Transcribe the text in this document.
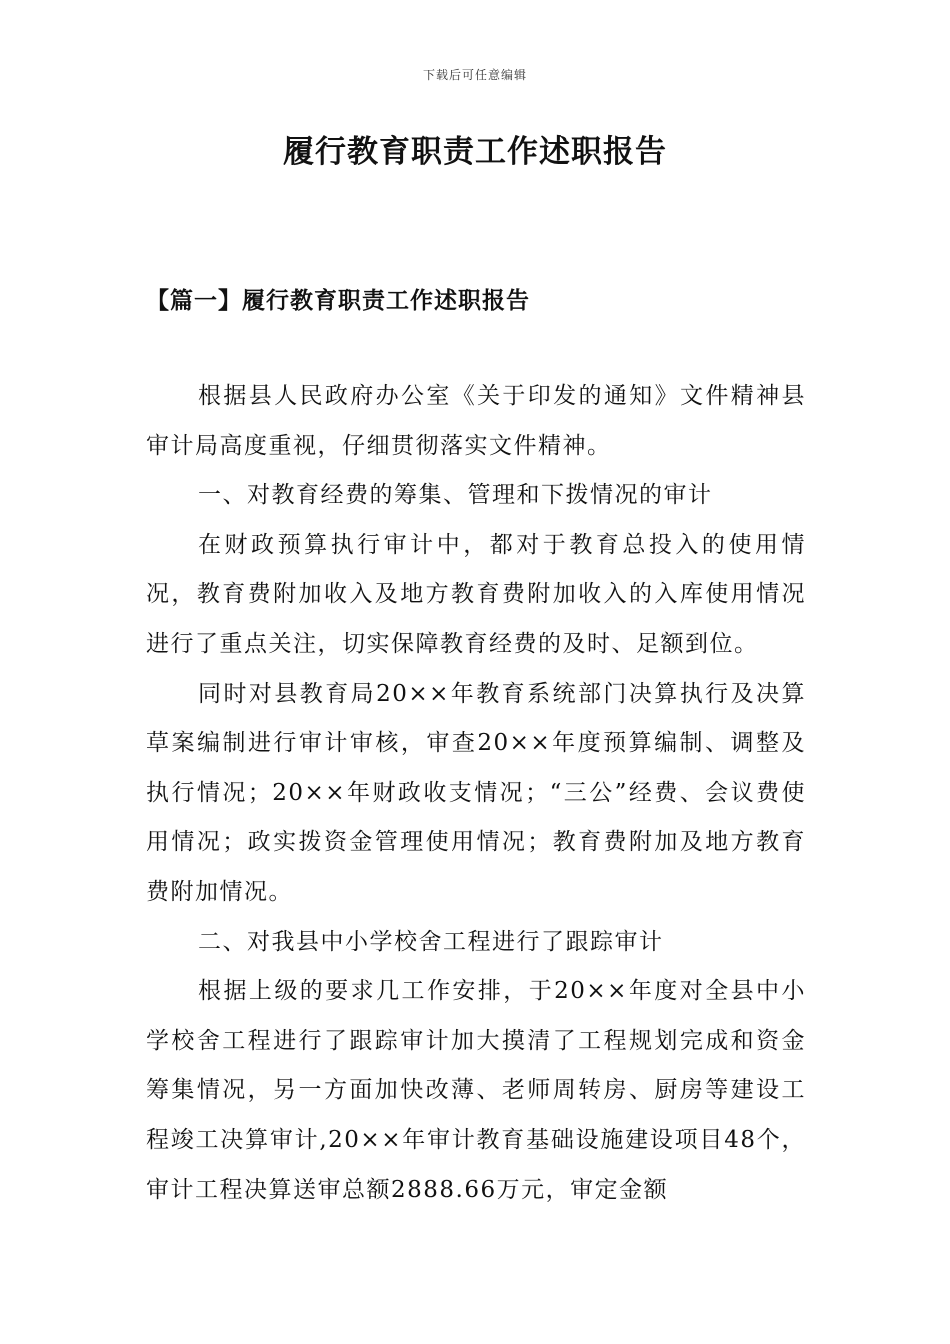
下载后可任意编辑
履行教育职责工作述职报告
【篇一】履行教育职责工作述职报告

根据县人民政府办公室《关于印发的通知》文件精神县审计局高度重视，仔细贯彻落实文件精神。

一、对教育经费的筹集、管理和下拨情况的审计

在财政预算执行审计中，都对于教育总投入的使用情况，教育费附加收入及地方教育费附加收入的入库使用情况进行了重点关注，切实保障教育经费的及时、足额到位。

同时对县教育局20××年教育系统部门决算执行及决算草案编制进行审计审核，审查20××年度预算编制、调整及执行情况；20××年财政收支情况；“三公”经费、会议费使用情况；政实拨资金管理使用情况；教育费附加及地方教育费附加情况。

二、对我县中小学校舍工程进行了跟踪审计

根据上级的要求几工作安排，于20××年度对全县中小学校舍工程进行了跟踪审计加大摸清了工程规划完成和资金筹集情况，另一方面加快改薄、老师周转房、厨房等建设工程竣工决算审计,20××年审计教育基础设施建设项目48个，审计工程决算送审总额2888.66万元，审定金额
